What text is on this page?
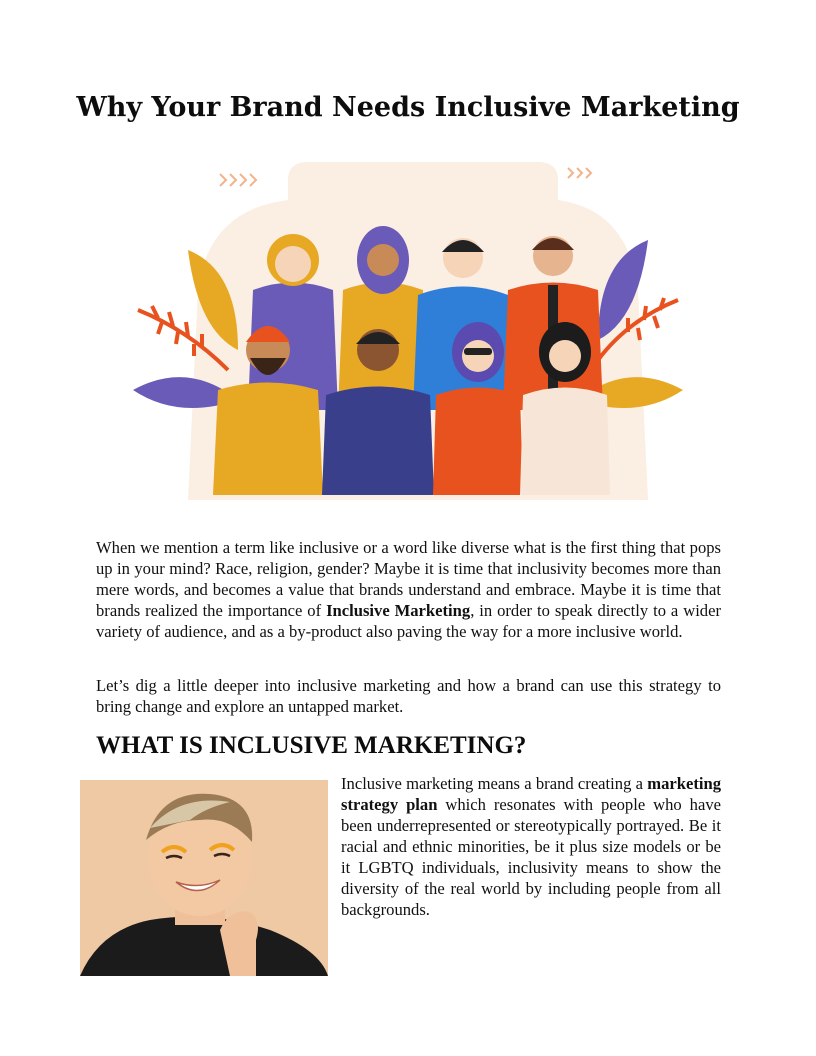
Why Your Brand Needs Inclusive Marketing

When we mention a term like inclusive or a word like diverse what is the first thing that pops up in your mind? Race, religion, gender? Maybe it is time that inclusivity becomes more than mere words, and becomes a value that brands understand and embrace. Maybe it is time that brands realized the importance of Inclusive Marketing, in order to speak directly to a wider variety of audience, and as a by-product also paving the way for a more inclusive world.

Let’s dig a little deeper into inclusive marketing and how a brand can use this strategy to bring change and explore an untapped market.

WHAT IS INCLUSIVE MARKETING?

Inclusive marketing means a brand creating a marketing strategy plan which resonates with people who have been underrepresented or stereotypically portrayed. Be it racial and ethnic minorities, be it plus size models or be it LGBTQ individuals, inclusivity means to show the diversity of the real world by including people from all backgrounds.
